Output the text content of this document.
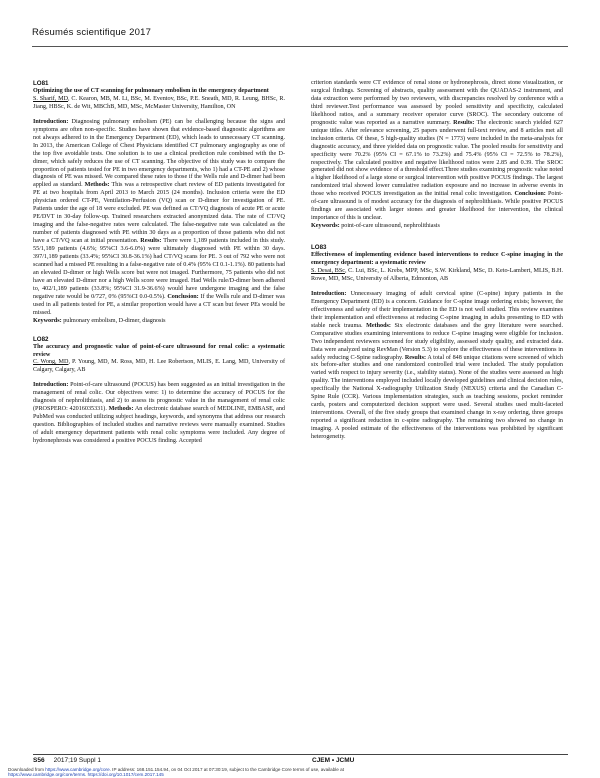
Résumés scientifique 2017

LO81

Optimizing the use of CT scanning for pulmonary embolism in the emergency department

S. Sharif, MD, C. Kearon, MB, M. Li, BSc, M. Eventov, BSc, P.E. Sneath, MD, R. Leung, BHSc, R. Jiang, HBSc, K. de Wit, MBChB, MD, MSc, McMaster University, Hamilton, ON

Introduction: Diagnosing pulmonary embolism (PE) can be challenging because the signs and symptoms are often non-specific. Studies have shown that evidence-based diagnostic algorithms are not always adhered to in the Emergency Department (ED), which leads to unnecessary CT scanning. In 2013, the American College of Chest Physicians identified CT pulmonary angiography as one of the top five avoidable tests. One solution is to use a clinical prediction rule combined with the D-dimer, which safely reduces the use of CT scanning. The objective of this study was to compare the proportion of patients tested for PE in two emergency departments, who 1) had a CT-PE and 2) whose diagnosis of PE was missed. We compared these rates to those if the Wells rule and D-dimer had been applied as standard. Methods: This was a retrospective chart review of ED patients investigated for PE at two hospitals from April 2013 to March 2015 (24 months). Inclusion criteria were the ED physician ordered CT-PE, Ventilation-Perfusion (VQ) scan or D-dimer for investigation of PE. Patients under the age of 18 were excluded. PE was defined as CT/VQ diagnosis of acute PE or acute PE/DVT in 30-day follow-up. Trained researchers extracted anonymized data. The rate of CT/VQ imaging and the false-negative rates were calculated. The false-negative rate was calculated as the number of patients diagnosed with PE within 30 days as a proportion of those patients who did not have a CT/VQ scan at initial presentation. Results: There were 1,189 patients included in this study. 55/1,189 patients (4.6%; 95%CI 3.6-6.0%) were ultimately diagnosed with PE within 30 days. 397/1,189 patients (33.4%; 95%CI 30.8-36.1%) had CT/VQ scans for PE. 3 out of 792 who were not scanned had a missed PE resulting in a false-negative rate of 0.4% (95% CI 0.1-1.1%). 80 patients had an elevated D-dimer or high Wells score but were not imaged. Furthermore, 75 patients who did not have an elevated D-dimer nor a high Wells score were imaged. Had Wells rule/D-dimer been adhered to, 402/1,189 patients (33.8%; 95%CI 31.9-36.6%) would have undergone imaging and the false negative rate would be 0/727, 0% (95%CI 0.0-0.5%). Conclusion: If the Wells rule and D-dimer was used in all patients tested for PE, a similar proportion would have a CT scan but fewer PEs would be missed.

Keywords: pulmonary embolism, D-dimer, diagnosis

LO82

The accuracy and prognostic value of point-of-care ultrasound for renal colic: a systematic review

C. Wong, MD, P. Young, MD, M. Ross, MD, H. Lee Robertson, MLIS, E. Lang, MD, University of Calgary, Calgary, AB

Introduction: Point-of-care ultrasound (POCUS) has been suggested as an initial investigation in the management of renal colic. Our objectives were: 1) to determine the accuracy of POCUS for the diagnosis of nephrolithiasis, and 2) to assess its prognostic value in the management of renal colic (PROSPERO: 42016035331). Methods: An electronic database search of MEDLINE, EMBASE, and PubMed was conducted utilizing subject headings, keywords, and synonyms that address our research question. Bibliographies of included studies and narrative reviews were manually examined. Studies of adult emergency department patients with renal colic symptoms were included. Any degree of hydronephrosis was considered a positive POCUS finding. Accepted

criterion standards were CT evidence of renal stone or hydronephrosis, direct stone visualization, or surgical findings. Screening of abstracts, quality assessment with the QUADAS-2 instrument, and data extraction were performed by two reviewers, with discrepancies resolved by conference with a third reviewer.Test performance was assessed by pooled sensitivity and specificity, calculated likelihood ratios, and a summary receiver operator curve (SROC). The secondary outcome of prognostic value was reported as a narrative summary. Results: The electronic search yielded 627 unique titles. After relevance screening, 25 papers underwent full-text review, and 8 articles met all inclusion criteria. Of these, 5 high-quality studies (N = 1773) were included in the meta-analysis for diagnostic accuracy, and three yielded data on prognostic value. The pooled results for sensitivity and specificity were 70.2% (95% CI = 67.1% to 73.2%) and 75.4% (95% CI = 72.5% to 78.2%), respectively. The calculated positive and negative likelihood ratios were 2.85 and 0.39. The SROC generated did not show evidence of a threshold effect.Three studies examining prognostic value noted a higher likelihood of a large stone or surgical intervention with positive POCUS findings. The largest randomized trial showed lower cumulative radiation exposure and no increase in adverse events in those who received POCUS investigation as the initial renal colic investigation. Conclusion: Point-of-care ultrasound is of modest accuracy for the diagnosis of nephrolithiasis. While positive POCUS findings are associated with larger stones and greater likelihood for intervention, the clinical importance of this is unclear.

Keywords: point-of-care ultrasound, nephrolithiasis

LO83

Effectiveness of implementing evidence based interventions to reduce C-spine imaging in the emergency department: a systematic review

S. Desai, BSc, C. Lui, BSc, L. Krebs, MPP, MSc, S.W. Kirkland, MSc, D. Keto-Lambert, MLIS, B.H. Rowe, MD, MSc, University of Alberta, Edmonton, AB

Introduction: Unnecessary imaging of adult cervical spine (C-spine) injury patients in the Emergency Department (ED) is a concern. Guidance for C-spine image ordering exists; however, the effectiveness and safety of their implementation in the ED is not well studied. This review examines their implementation and effectiveness at reducing C-spine imaging in adults presenting to ED with stable neck trauma. Methods: Six electronic databases and the grey literature were searched. Comparative studies examining interventions to reduce C-spine imaging were eligible for inclusion. Two independent reviewers screened for study eligibility, assessed study quality, and extracted data. Data were analyzed using RevMan (Version 5.3) to explore the effectiveness of these interventions in safely reducing C-Spine radiography. Results: A total of 848 unique citations were screened of which six before-after studies and one randomized controlled trial were included. The study population varied with respect to injury severity (i.e., stability status). None of the studies were assessed as high quality. The interventions employed included locally developed guidelines and clinical decision rules, specifically the National X-radiography Utilization Study (NEXUS) criteria and the Canadian C-Spine Rule (CCR). Various implementation strategies, such as teaching sessions, pocket reminder cards, posters and computerized decision support were used. Several studies used multi-faceted interventions. Overall, of the five study groups that examined change in x-ray ordering, three groups reported a significant reduction in c-spine radiography. The remaining two showed no change in imaging. A pooled estimate of the effectiveness of the interventions was prohibited by significant heterogeneity.

S56 2017;19 Suppl 1	CJEM • JCMU
Downloaded from https://www.cambridge.org/core. IP address: 168.151.154.94, on 04 Oct 2017 at 07:30:19, subject to the Cambridge Core terms of use, available at
https://www.cambridge.org/core/terms. https://doi.org/10.1017/cem.2017.145
